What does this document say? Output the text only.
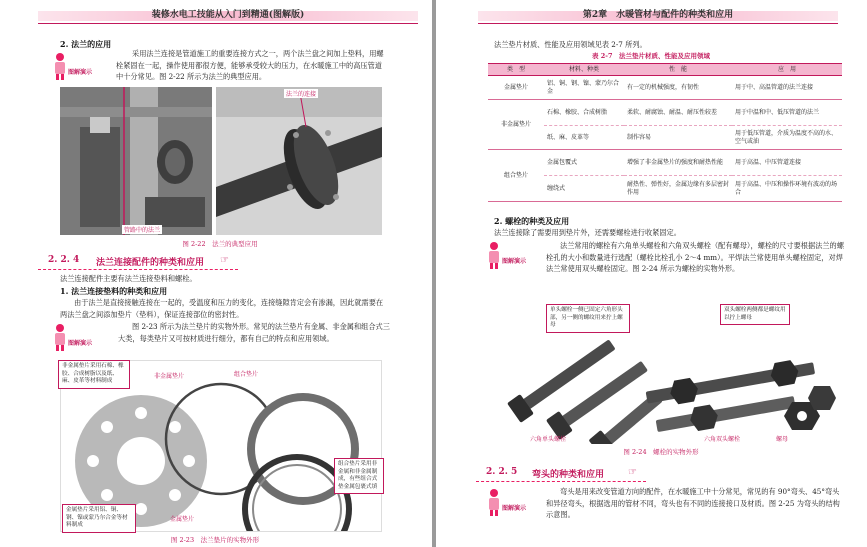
装修水电工技能从入门到精通(图解版)
2. 法兰的应用
图解演示
采用法兰连接是管道施工的重要连接方式之一，两个法兰盘之间加上垫料，用螺栓紧固在一起，操作使用都很方便，能够承受较大的压力，在水暖施工中的高压管道中十分常见。图 2-22 所示为法兰的典型应用。
法兰的连接
管路中的法兰
图 2-22　法兰的典型应用
2. 2. 4 法兰连接配件的种类和应用 ☞
法兰连接配件主要有法兰连接垫料和螺栓。
1. 法兰连接垫料的种类和应用
由于法兰是直接接触连接在一起的，受温度和压力的变化，连接缝隙肯定会有渗漏，因此就需要在两法兰盘之间添加垫片（垫料），保证连接部位的密封性。
图解演示
图 2-23 所示为法兰垫片的实物外形。常见的法兰垫片有金属、非金属和组合式三大类，每类垫片又可按材质进行细分，都有自己的特点和应用领域。
非金属垫片采用石棉、橡胶、合成树脂以及纸、麻、皮革等材料制成
非金属垫片	组合垫片
组合垫片采用非金属和非金属制成，有些组合式垫金属包裹式填
金属垫片采用铝、铜、钢、镍或蒙乃尔合金等材料制成
金属垫片
图 2-23　法兰垫片的实物外形
第2章　水暖管材与配件的种类和应用
法兰垫片材质、性能及应用领域见表 2-7 所列。
表 2-7　法兰垫片材质、性能及应用领域
类　型	材料、种类	性　能	应　用
金属垫片	铝、铜、钢、镍、蒙乃尔合金	有一定的机械强度，有韧性	用于中、高温管道的法兰连接
非金属垫片	石棉、橡胶、合成树脂	柔软、耐腐蚀、耐温、耐压性较差	用于中温和中、低压管道的法兰
	纸、麻、皮革等	制作容易	用于低压管道，介质为温度不高的水、空气或油
组合垫片	金属包覆式	增强了非金属垫片的强度和耐热性能	用于高温、中压管道连接
	缠绕式	耐热性、弹性好，金属边缘有多层密封作用	用于高温、中压和操作环境有波动的场合
2. 螺栓的种类及应用
法兰连接除了需要用到垫片外，还需要螺栓进行收紧固定。
图解演示
法兰常用的螺栓有六角单头螺栓和六角双头螺栓（配有螺母），螺栓的尺寸要根据法兰的螺栓孔的大小和数量进行选配（螺栓比栓孔小 2～4 mm）。平焊法兰常使用单头螺栓固定，对焊法兰常使用双头螺栓固定。图 2-24 所示为螺栓的实物外形。
单头螺栓一侧已固定六角形头部，另一侧的螺纹用来拧上螺母
双头螺栓两侧都是螺纹用以拧上螺母
六角单头螺栓	六角双头螺栓	螺母
图 2-24　螺栓的实物外形
2. 2. 5 弯头的种类和应用 ☞
图解演示
弯头是用来改变管道方向的配件，在水暖施工中十分常见，常见的有 90°弯头、45°弯头和异径弯头，根据选用的管材不同，弯头也有不同的连接接口及材质。图 2-25 为弯头的结构示意图。
